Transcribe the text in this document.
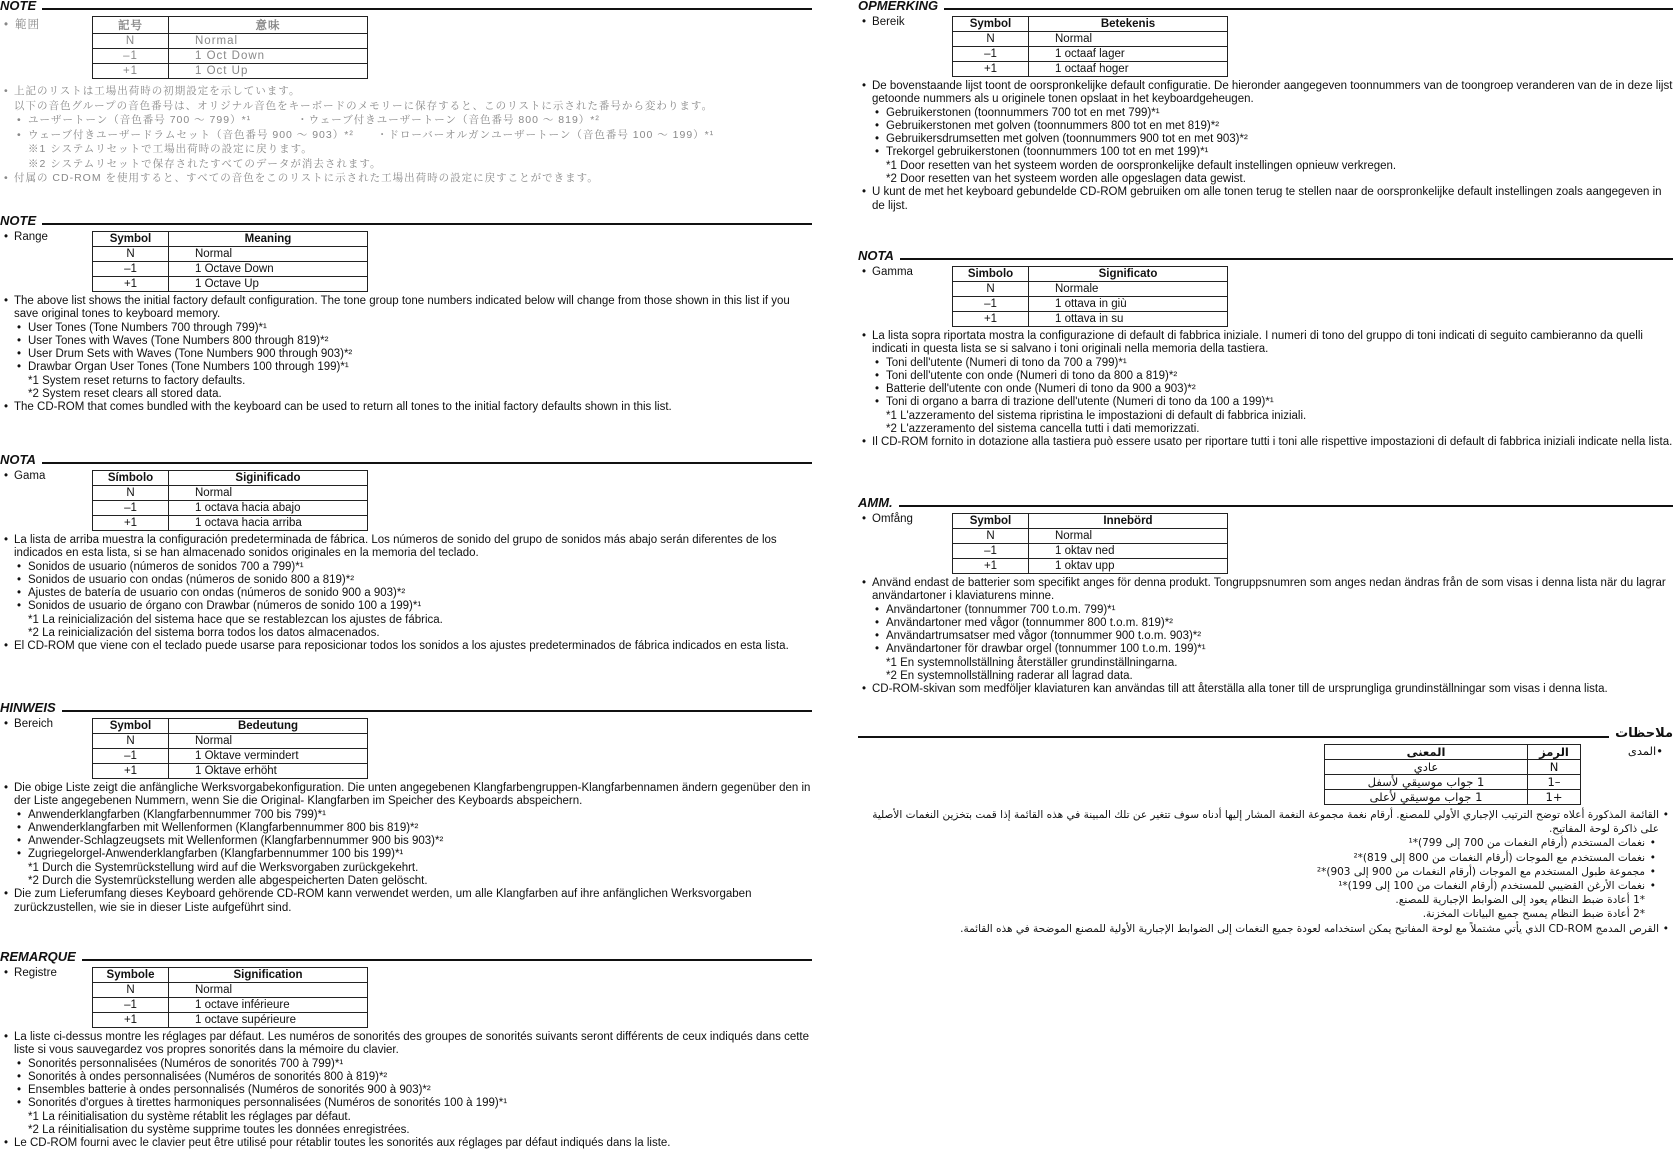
NOTE
• 範囲	記号	意味
N	Normal
–1	1 Oct Down
+1	1 Oct Up
• 上記のリストは工場出荷時の初期設定を示しています。
以下の音色グループの音色番号は、オリジナル音色をキーボードのメモリーに保存すると、このリストに示された番号から変わります。
• ユーザートーン（音色番号 700 〜 799）*¹　　　　・ウェーブ付きユーザートーン（音色番号 800 〜 819）*²
• ウェーブ付きユーザードラムセット（音色番号 900 〜 903）*²　　・ドローバーオルガンユーザートーン（音色番号 100 〜 199）*¹
※1 システムリセットで工場出荷時の設定に戻ります。
※2 システムリセットで保存されたすべてのデータが消去されます。
• 付属の CD-ROM を使用すると、すべての音色をこのリストに示された工場出荷時の設定に戻すことができます。
NOTE
• Range	Symbol	Meaning
N	Normal
–1	1 Octave Down
+1	1 Octave Up
• The above list shows the initial factory default configuration. The tone group tone numbers indicated below will change from those shown in this list if you save original tones to keyboard memory.
• User Tones (Tone Numbers 700 through 799)*¹
• User Tones with Waves (Tone Numbers 800 through 819)*²
• User Drum Sets with Waves (Tone Numbers 900 through 903)*²
• Drawbar Organ User Tones (Tone Numbers 100 through 199)*¹
*1 System reset returns to factory defaults.
*2 System reset clears all stored data.
• The CD-ROM that comes bundled with the keyboard can be used to return all tones to the initial factory defaults shown in this list.
NOTA
• Gama	Símbolo	Siginificado
N	Normal
–1	1 octava hacia abajo
+1	1 octava hacia arriba
• La lista de arriba muestra la configuración predeterminada de fábrica. Los números de sonido del grupo de sonidos más abajo serán diferentes de los indicados en esta lista, si se han almacenado sonidos originales en la memoria del teclado.
• Sonidos de usuario (números de sonidos 700 a 799)*¹
• Sonidos de usuario con ondas (números de sonido 800 a 819)*²
• Ajustes de batería de usuario con ondas (números de sonido 900 a 903)*²
• Sonidos de usuario de órgano con Drawbar (números de sonido 100 a 199)*¹
*1 La reinicialización del sistema hace que se restablezcan los ajustes de fábrica.
*2 La reinicialización del sistema borra todos los datos almacenados.
• El CD-ROM que viene con el teclado puede usarse para reposicionar todos los sonidos a los ajustes predeterminados de fábrica indicados en esta lista.
HINWEIS
• Bereich	Symbol	Bedeutung
N	Normal
–1	1 Oktave vermindert
+1	1 Oktave erhöht
• Die obige Liste zeigt die anfängliche Werksvorgabekonfiguration. Die unten angegebenen Klangfarbengruppen-Klangfarbennamen ändern gegenüber den in der Liste angegebenen Nummern, wenn Sie die Original- Klangfarben im Speicher des Keyboards abspeichern.
• Anwenderklangfarben (Klangfarbennummer 700 bis 799)*¹
• Anwenderklangfarben mit Wellenformen (Klangfarbennummer 800 bis 819)*²
• Anwender-Schlagzeugsets mit Wellenformen (Klangfarbennummer 900 bis 903)*²
• Zugriegelorgel-Anwenderklangfarben (Klangfarbennummer 100 bis 199)*¹
*1 Durch die Systemrückstellung wird auf die Werksvorgaben zurückgekehrt.
*2 Durch die Systemrückstellung werden alle abgespeicherten Daten gelöscht.
• Die zum Lieferumfang dieses Keyboard gehörende CD-ROM kann verwendet werden, um alle Klangfarben auf ihre anfänglichen Werksvorgaben zurückzustellen, wie sie in dieser Liste aufgeführt sind.
REMARQUE
• Registre	Symbole	Signification
N	Normal
–1	1 octave inférieure
+1	1 octave supérieure
• La liste ci-dessus montre les réglages par défaut. Les numéros de sonorités des groupes de sonorités suivants seront différents de ceux indiqués dans cette liste si vous sauvegardez vos propres sonorités dans la mémoire du clavier.
• Sonorités personnalisées (Numéros de sonorités 700 à 799)*¹
• Sonorités à ondes personnalisées (Numéros de sonorités 800 à 819)*²
• Ensembles batterie à ondes personnalisés (Numéros de sonorités 900 à 903)*²
• Sonorités d'orgues à tirettes harmoniques personnalisées (Numéros de sonorités 100 à 199)*¹
*1 La réinitialisation du système rétablit les réglages par défaut.
*2 La réinitialisation du système supprime toutes les données enregistrées.
• Le CD-ROM fourni avec le clavier peut être utilisé pour rétablir toutes les sonorités aux réglages par défaut indiqués dans la liste.
OPMERKING
• Bereik	Symbol	Betekenis
N	Normal
–1	1 octaaf lager
+1	1 octaaf hoger
• De bovenstaande lijst toont de oorspronkelijke default configuratie. De hieronder aangegeven toonnummers van de toongroep veranderen van de in deze lijst getoonde nummers als u originele tonen opslaat in het keyboardgeheugen.
• Gebruikerstonen (toonnummers 700 tot en met 799)*¹
• Gebruikerstonen met golven (toonnummers 800 tot en met 819)*²
• Gebruikersdrumsetten met golven (toonnummers 900 tot en met 903)*²
• Trekorgel gebruikerstonen (toonnummers 100 tot en met 199)*¹
*1 Door resetten van het systeem worden de oorspronkelijke default instellingen opnieuw verkregen.
*2 Door resetten van het systeem worden alle opgeslagen data gewist.
• U kunt de met het keyboard gebundelde CD-ROM gebruiken om alle tonen terug te stellen naar de oorspronkelijke default instellingen zoals aangegeven in de lijst.
NOTA
• Gamma	Simbolo	Significato
N	Normale
–1	1 ottava in giù
+1	1 ottava in su
• La lista sopra riportata mostra la configurazione di default di fabbrica iniziale. I numeri di tono del gruppo di toni indicati di seguito cambieranno da quelli indicati in questa lista se si salvano i toni originali nella memoria della tastiera.
• Toni dell'utente (Numeri di tono da 700 a 799)*¹
• Toni dell'utente con onde (Numeri di tono da 800 a 819)*²
• Batterie dell'utente con onde (Numeri di tono da 900 a 903)*²
• Toni di organo a barra di trazione dell'utente (Numeri di tono da 100 a 199)*¹
*1 L'azzeramento del sistema ripristina le impostazioni di default di fabbrica iniziali.
*2 L'azzeramento del sistema cancella tutti i dati memorizzati.
• Il CD-ROM fornito in dotazione alla tastiera può essere usato per riportare tutti i toni alle rispettive impostazioni di default di fabbrica iniziali indicate nella lista.
AMM.
• Omfång	Symbol	Innebörd
N	Normal
–1	1 oktav ned
+1	1 oktav upp
• Använd endast de batterier som specifikt anges för denna produkt. Tongruppsnumren som anges nedan ändras från de som visas i denna lista när du lagrar användartoner i klaviaturens minne.
• Användartoner (tonnummer 700 t.o.m. 799)*¹
• Användartoner med vågor (tonnummer 800 t.o.m. 819)*²
• Användartrumsatser med vågor (tonnummer 900 t.o.m. 903)*²
• Användartoner för drawbar orgel (tonnummer 100 t.o.m. 199)*¹
*1 En systemnollställning återställer grundinställningarna.
*2 En systemnollställning raderar all lagrad data.
• CD-ROM-skivan som medföljer klaviaturen kan användas till att återställa alla toner till de ursprungliga grundinställningar som visas i denna lista.
ملاحظات
•المدى
الرمز	المعنى
N	عادي
–1	1 جواب موسيقي لأسفل
+1	1 جواب موسيقي لأعلى
•
القائمة المذكورة أعلاه توضح الترتيب الإجباري الأولي للمصنع. أرقام نغمة مجموعة النغمة المشار إليها أدناه سوف تتغير عن تلك المبينة في هذه القائمة إذا قمت بتخزين النغمات الأصلية على ذاكرة لوحة المفاتيح.
•
نغمات المستخدم (أرقام النغمات من 700 إلى 799)*¹
•
نغمات المستخدم مع الموجات (أرقام النغمات من 800 إلى 819)*²
•
مجموعة طبول المستخدم مع الموجات (أرقام النغمات من 900 إلى 903)*²
•
نغمات الأرغن القضيبي للمستخدم (أرقام النغمات من 100 إلى 199)*¹
*1 أعادة ضبط النظام يعود إلى الضوابط الإجبارية للمصنع.
*2 أعادة ضبط النظام يمسح جميع البيانات المخزنة.
•
القرص المدمج CD-ROM الذي يأتي مشتملاً مع لوحة المفاتيح يمكن استخدامه لعودة جميع النغمات إلى الضوابط الإجبارية الأولية للمصنع الموضحة في هذه القائمة.
